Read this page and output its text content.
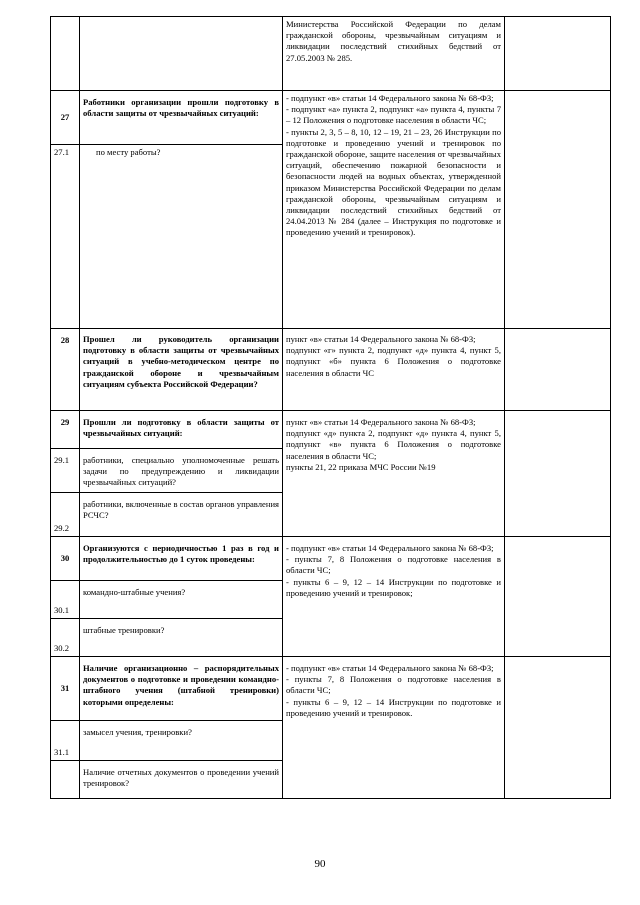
		Министерства Российской Федерации по делам гражданской обороны, чрезвычайным ситуациям и ликвидации последствий стихийных бедствий от 27.05.2003 № 285.	
27	Работники организации прошли подготовку в области защиты от чрезвычайных ситуаций:	- подпункт «в» статьи 14 Федерального закона № 68-ФЗ;
- подпункт «а» пункта 2, подпункт «а» пункта 4, пункты 7 – 12 Положения о подготовке населения в области ЧС;
- пункты 2, 3, 5 – 8, 10, 12 – 19, 21 – 23, 26 Инструкции по подготовке и проведению учений и тренировок по гражданской обороне, защите населения от чрезвычайных ситуаций, обеспечению пожарной безопасности и безопасности людей на водных объектах, утвержденной приказом Министерства Российской Федерации по делам гражданской обороны, чрезвычайным ситуациям и ликвидации последствий стихийных бедствий от 24.04.2013 № 284 (далее – Инструкция по подготовке и проведению учений и тренировок).	

27.1	по месту работы?		
28	Прошел ли руководитель организации подготовку в области защиты от чрезвычайных ситуаций в учебно-методическом центре по гражданской обороне и чрезвычайным ситуациям субъекта Российской Федерации?	пункт «в» статьи 14 Федерального закона № 68-ФЗ;
подпункт «г» пункта 2, подпункт «д» пункта 4, пункт 5, подпункт «б» пункта 6 Положения о подготовке населения в области ЧС	

29	Прошли ли подготовку в области защиты от чрезвычайных ситуаций:	пункт «в» статьи 14 Федерального закона № 68-ФЗ;
подпункт «д» пункта 2, подпункт «д» пункта 4, пункт 5, подпункт «в» пункта 6 Положения о подготовке населения в области ЧС;
пункты 21, 22 приказа МЧС России №19	

29.1	работники, специально уполномоченные решать задачи по предупреждению и ликвидации чрезвычайных ситуаций?		
29.2	работники, включенные в состав органов управления РСЧС?		
30	Организуются с периодичностью 1 раз в год и продолжительностью до 1 суток проведены:	- подпункт «в» статьи 14 Федерального закона № 68-ФЗ;
- пункты 7, 8 Положения о подготовке населения в области ЧС;
- пункты 6 – 9, 12 – 14 Инструкции по подготовке и проведению учений и тренировок;	

30.1	командно-штабные учения?		
30.2	штабные тренировки?		
31	Наличие организационно – распорядительных документов о подготовке и проведении командно-штабного учения (штабной тренировки) которыми определены:	- подпункт «в» статьи 14 Федерального закона № 68-ФЗ;
- пункты 7, 8 Положения о подготовке населения в области ЧС;
- пункты 6 – 9, 12 – 14 Инструкции по подготовке и проведению учений и тренировок.	

31.1	замысел учения, тренировки?		
	Наличие отчетных документов о проведении учений тренировок?		
90
